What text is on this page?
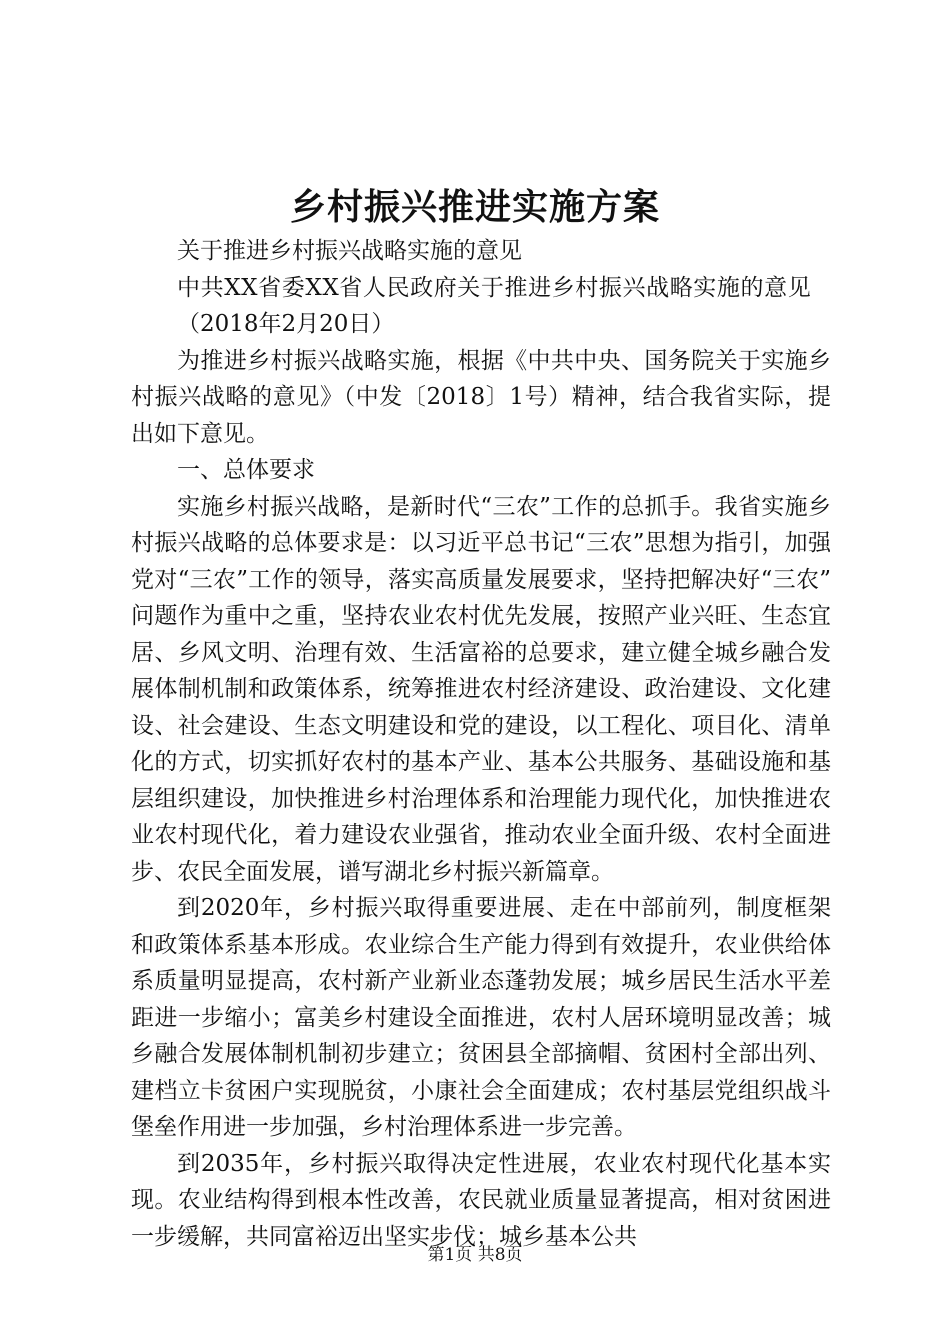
乡村振兴推进实施方案

关于推进乡村振兴战略实施的意见

中共XX省委XX省人民政府关于推进乡村振兴战略实施的意见

（2018年2月20日）

为推进乡村振兴战略实施，根据《中共中央、国务院关于实施乡村振兴战略的意见》（中发〔2018〕1号）精神，结合我省实际，提出如下意见。

一、总体要求

实施乡村振兴战略，是新时代“三农”工作的总抓手。我省实施乡村振兴战略的总体要求是：以习近平总书记“三农”思想为指引，加强党对“三农”工作的领导，落实高质量发展要求，坚持把解决好“三农”问题作为重中之重，坚持农业农村优先发展，按照产业兴旺、生态宜居、乡风文明、治理有效、生活富裕的总要求，建立健全城乡融合发展体制机制和政策体系，统筹推进农村经济建设、政治建设、文化建设、社会建设、生态文明建设和党的建设，以工程化、项目化、清单化的方式，切实抓好农村的基本产业、基本公共服务、基础设施和基层组织建设，加快推进乡村治理体系和治理能力现代化，加快推进农业农村现代化，着力建设农业强省，推动农业全面升级、农村全面进步、农民全面发展，谱写湖北乡村振兴新篇章。

到2020年，乡村振兴取得重要进展、走在中部前列，制度框架和政策体系基本形成。农业综合生产能力得到有效提升，农业供给体系质量明显提高，农村新产业新业态蓬勃发展；城乡居民生活水平差距进一步缩小；富美乡村建设全面推进，农村人居环境明显改善；城乡融合发展体制机制初步建立；贫困县全部摘帽、贫困村全部出列、建档立卡贫困户实现脱贫，小康社会全面建成；农村基层党组织战斗堡垒作用进一步加强，乡村治理体系进一步完善。

到2035年，乡村振兴取得决定性进展，农业农村现代化基本实现。农业结构得到根本性改善，农民就业质量显著提高，相对贫困进一步缓解，共同富裕迈出坚实步伐；城乡基本公共

第1页 共8页
